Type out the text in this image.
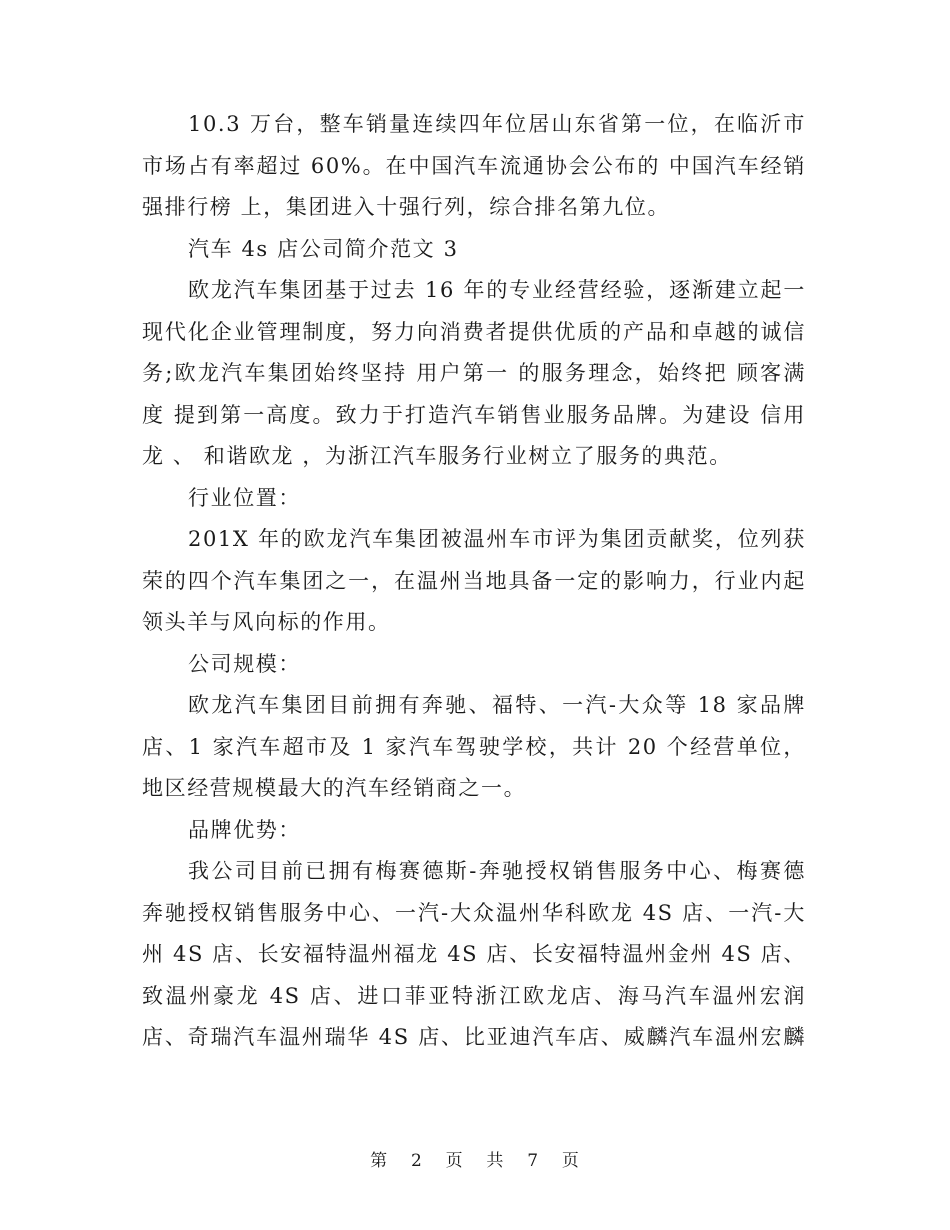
10.3 万台，整车销量连续四年位居山东省第一位，在临沂市
市场占有率超过 60%。在中国汽车流通协会公布的 中国汽车经销
强排行榜 上，集团进入十强行列，综合排名第九位。
汽车 4s 店公司简介范文 3
欧龙汽车集团基于过去 16 年的专业经营经验，逐渐建立起一
现代化企业管理制度，努力向消费者提供优质的产品和卓越的诚信
务;欧龙汽车集团始终坚持 用户第一 的服务理念，始终把 顾客满
度 提到第一高度。致力于打造汽车销售业服务品牌。为建设 信用
龙 、 和谐欧龙 ，为浙江汽车服务行业树立了服务的典范。
行业位置：
201X 年的欧龙汽车集团被温州车市评为集团贡献奖，位列获
荣的四个汽车集团之一，在温州当地具备一定的影响力，行业内起
领头羊与风向标的作用。
公司规模：
欧龙汽车集团目前拥有奔驰、福特、一汽-大众等 18 家品牌
店、1 家汽车超市及 1 家汽车驾驶学校，共计 20 个经营单位，
地区经营规模最大的汽车经销商之一。
品牌优势：
我公司目前已拥有梅赛德斯-奔驰授权销售服务中心、梅赛德
奔驰授权销售服务中心、一汽-大众温州华科欧龙 4S 店、一汽-大
州 4S 店、长安福特温州福龙 4S 店、长安福特温州金州 4S 店、
致温州豪龙 4S 店、进口菲亚特浙江欧龙店、海马汽车温州宏润
店、奇瑞汽车温州瑞华 4S 店、比亚迪汽车店、威麟汽车温州宏麟
第 2 页 共 7 页
